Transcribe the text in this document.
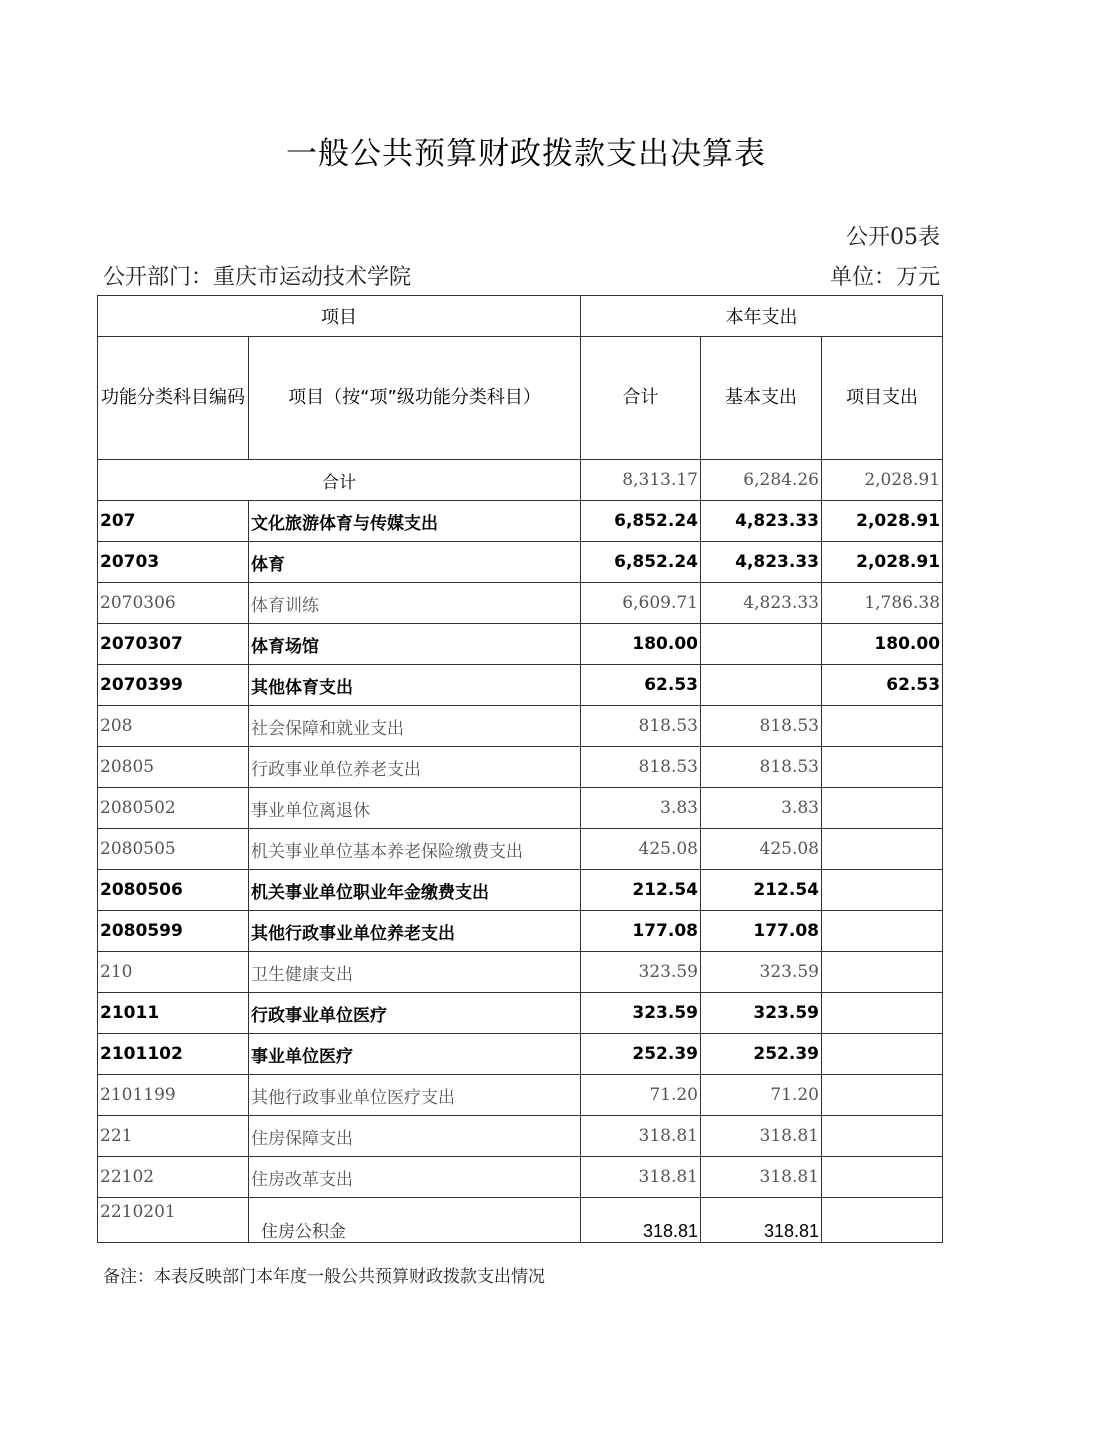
一般公共预算财政拨款支出决算表
公开05表
公开部门：重庆市运动技术学院	单位：万元
项目		本年支出		
功能分类科目编码	项目（按“项”级功能分类科目）	合计	基本支出	项目支出
合计		8,313.17	6,284.26	2,028.91
207	文化旅游体育与传媒支出	6,852.24	4,823.33	2,028.91
20703	体育	6,852.24	4,823.33	2,028.91
2070306	体育训练	6,609.71	4,823.33	1,786.38
2070307	体育场馆	180.00		180.00
2070399	其他体育支出	62.53		62.53
208	社会保障和就业支出	818.53	818.53	
20805	行政事业单位养老支出	818.53	818.53	
2080502	事业单位离退休	3.83	3.83	
2080505	机关事业单位基本养老保险缴费支出	425.08	425.08	
2080506	机关事业单位职业年金缴费支出	212.54	212.54	
2080599	其他行政事业单位养老支出	177.08	177.08	
210	卫生健康支出	323.59	323.59	
21011	行政事业单位医疗	323.59	323.59	
2101102	事业单位医疗	252.39	252.39	
2101199	其他行政事业单位医疗支出	71.20	71.20	
221	住房保障支出	318.81	318.81	
22102	住房改革支出	318.81	318.81	
2210201	住房公积金	318.81	318.81	
备注：本表反映部门本年度一般公共预算财政拨款支出情况
